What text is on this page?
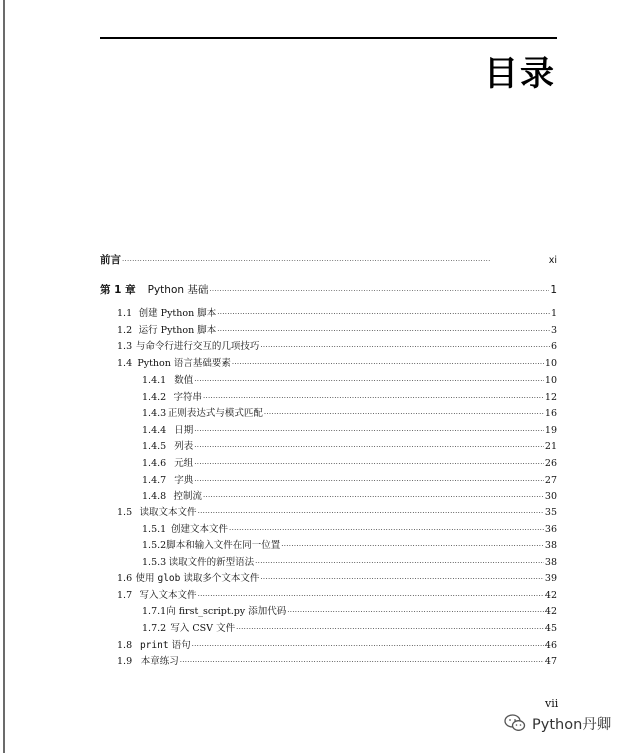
目录
前言 ·····	xi
第 1 章 Python 基础 ·····	1
1.1 创建 Python 脚本 ·····	1
1.2 运行 Python 脚本 ·····	3
1.3 与命令行进行交互的几项技巧 ·····	6
1.4 Python 语言基础要素 ·····	10
1.4.1 数值 ·····	10
1.4.2 字符串 ·····	12
1.4.3 正则表达式与模式匹配 ·····	16
1.4.4 日期 ·····	19
1.4.5 列表 ·····	21
1.4.6 元组 ·····	26
1.4.7 字典 ·····	27
1.4.8 控制流 ·····	30
1.5 读取文本文件 ·····	35
1.5.1 创建文本文件 ·····	36
1.5.2 脚本和输入文件在同一位置 ·····	38
1.5.3 读取文件的新型语法 ·····	38
1.6 使用 glob 读取多个文本文件 ·····	39
1.7 写入文本文件 ·····	42
1.7.1 向 first_script.py 添加代码 ·····	42
1.7.2 写入 CSV 文件 ·····	45
1.8 print 语句 ·····	46
1.9 本章练习 ·····	47
vii
Python丹卿
